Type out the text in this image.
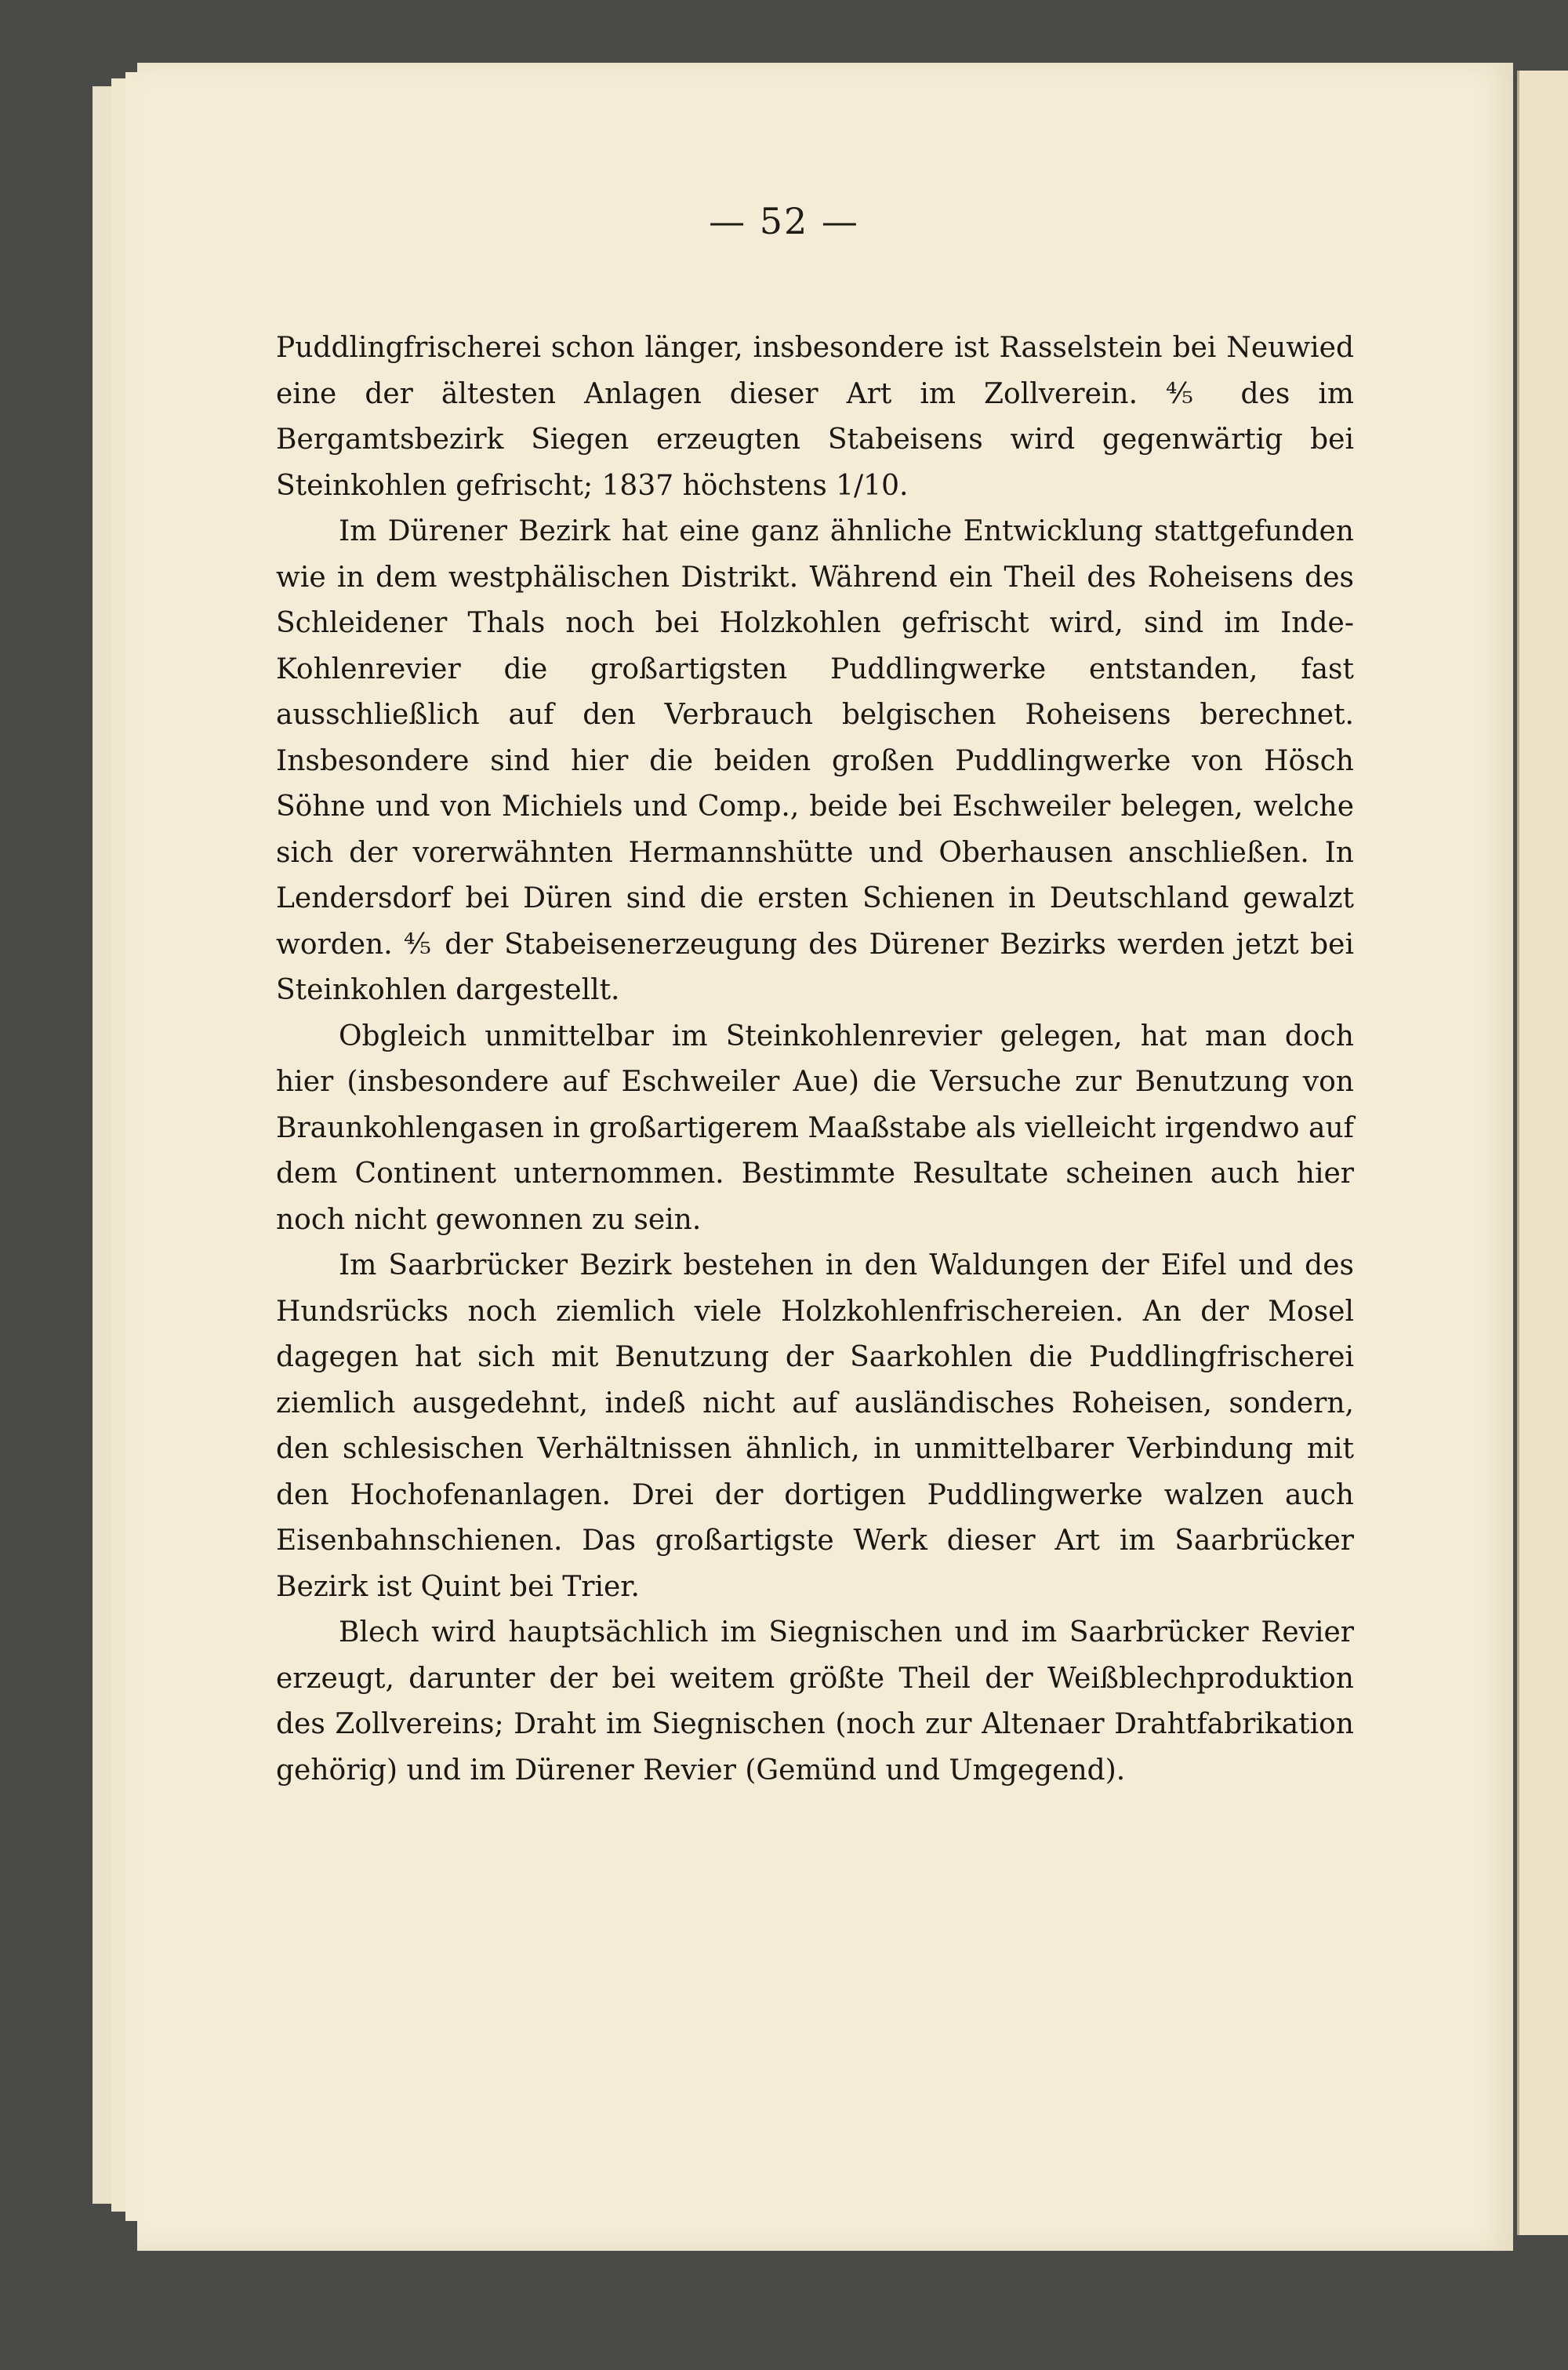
— 52 —

Puddlingfrischerei schon länger, insbesondere ist Rasselstein bei Neuwied eine der ältesten Anlagen dieser Art im Zollverein. ⅘ des im Bergamtsbezirk Siegen erzeugten Stabeisens wird gegenwärtig bei Steinkohlen gefrischt; 1837 höchstens 1/10.

Im Dürener Bezirk hat eine ganz ähnliche Entwicklung stattgefunden wie in dem westphälischen Distrikt. Während ein Theil des Roheisens des Schleidener Thals noch bei Holzkohlen gefrischt wird, sind im Inde-Kohlenrevier die großartigsten Puddlingwerke entstanden, fast ausschließlich auf den Verbrauch belgischen Roheisens berechnet. Insbesondere sind hier die beiden großen Puddlingwerke von Hösch Söhne und von Michiels und Comp., beide bei Eschweiler belegen, welche sich der vorerwähnten Hermannshütte und Oberhausen anschließen. In Lendersdorf bei Düren sind die ersten Schienen in Deutschland gewalzt worden. ⅘ der Stabeisenerzeugung des Dürener Bezirks werden jetzt bei Steinkohlen dargestellt.

Obgleich unmittelbar im Steinkohlenrevier gelegen, hat man doch hier (insbesondere auf Eschweiler Aue) die Versuche zur Benutzung von Braunkohlengasen in großartigerem Maaßstabe als vielleicht irgendwo auf dem Continent unternommen. Bestimmte Resultate scheinen auch hier noch nicht gewonnen zu sein.

Im Saarbrücker Bezirk bestehen in den Waldungen der Eifel und des Hundsrücks noch ziemlich viele Holzkohlenfrischereien. An der Mosel dagegen hat sich mit Benutzung der Saarkohlen die Puddlingfrischerei ziemlich ausgedehnt, indeß nicht auf ausländisches Roheisen, sondern, den schlesischen Verhältnissen ähnlich, in unmittelbarer Verbindung mit den Hochofenanlagen. Drei der dortigen Puddlingwerke walzen auch Eisenbahnschienen. Das großartigste Werk dieser Art im Saarbrücker Bezirk ist Quint bei Trier.

Blech wird hauptsächlich im Siegnischen und im Saarbrücker Revier erzeugt, darunter der bei weitem größte Theil der Weißblechproduktion des Zollvereins; Draht im Siegnischen (noch zur Altenaer Drahtfabrikation gehörig) und im Dürener Revier (Gemünd und Umgegend).
